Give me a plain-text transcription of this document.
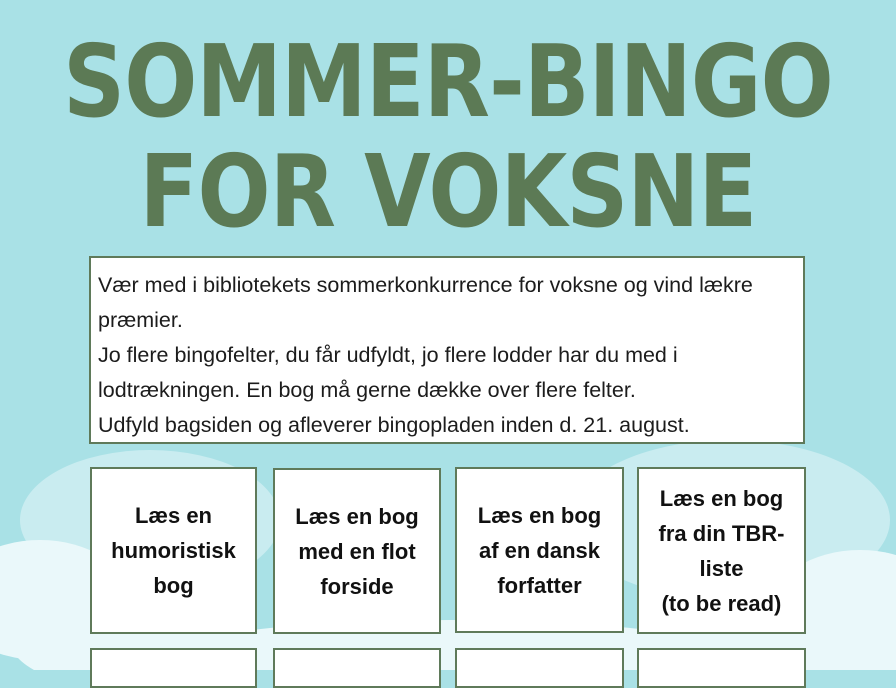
SOMMER-BINGO
FOR VOKSNE

Vær med i bibliotekets sommerkonkurrence for voksne og vind lækre præmier.

Jo flere bingofelter, du får udfyldt, jo flere lodder har du med i lodtrækningen. En bog må gerne dække over flere felter.

Udfyld bagsiden og afleverer bingopladen inden d. 21. august.

Læs en
humoristisk
bog
Læs en bog
med en flot
forside
Læs en bog
af en dansk
forfatter
Læs en bog
fra din TBR-
liste
(to be read)
